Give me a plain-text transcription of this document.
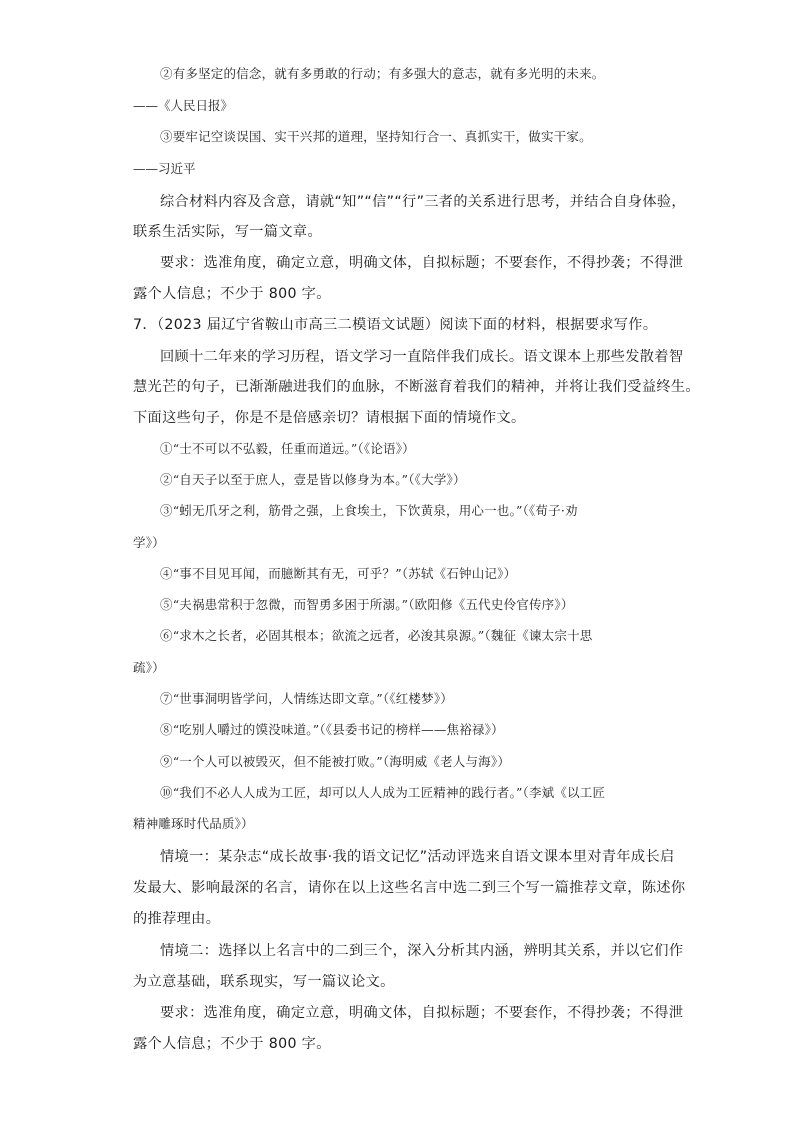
②有多坚定的信念，就有多勇敢的行动；有多强大的意志，就有多光明的未来。
——《人民日报》
③要牢记空谈误国、实干兴邦的道理，坚持知行合一、真抓实干，做实干家。
——习近平
综合材料内容及含意，请就“知”“信”“行”三者的关系进行思考，并结合自身体验，
联系生活实际，写一篇文章。
要求：选准角度，确定立意，明确文体，自拟标题；不要套作，不得抄袭；不得泄
露个人信息；不少于 800 字。
7．（2023 届辽宁省鞍山市高三二模语文试题）阅读下面的材料，根据要求写作。
回顾十二年来的学习历程，语文学习一直陪伴我们成长。语文课本上那些发散着智
慧光芒的句子，已渐渐融进我们的血脉，不断滋育着我们的精神，并将让我们受益终生。
下面这些句子，你是不是倍感亲切？请根据下面的情境作文。
①“士不可以不弘毅，任重而道远。”（《论语》）
②“自天子以至于庶人，壹是皆以修身为本。”（《大学》）
③“蚓无爪牙之利，筋骨之强，上食埃土，下饮黄泉，用心一也。”（《荀子·劝
学》）
④“事不目见耳闻，而臆断其有无，可乎？”（苏轼《石钟山记》）
⑤“夫祸患常积于忽微，而智勇多困于所溺。”（欧阳修《五代史伶官传序》）
⑥“求木之长者，必固其根本；欲流之远者，必浚其泉源。”（魏征《谏太宗十思
疏》）
⑦“世事洞明皆学问，人情练达即文章。”（《红楼梦》）
⑧“吃别人嚼过的馍没味道。”（《县委书记的榜样——焦裕禄》）
⑨“一个人可以被毁灭，但不能被打败。”（海明威《老人与海》）
⑩“我们不必人人成为工匠，却可以人人成为工匠精神的践行者。”（李斌《以工匠
精神雕琢时代品质》）
情境一：某杂志“成长故事·我的语文记忆”活动评选来自语文课本里对青年成长启
发最大、影响最深的名言，请你在以上这些名言中选二到三个写一篇推荐文章，陈述你
的推荐理由。
情境二：选择以上名言中的二到三个，深入分析其内涵，辨明其关系，并以它们作
为立意基础，联系现实，写一篇议论文。
要求：选准角度，确定立意，明确文体，自拟标题；不要套作，不得抄袭；不得泄
露个人信息；不少于 800 字。
